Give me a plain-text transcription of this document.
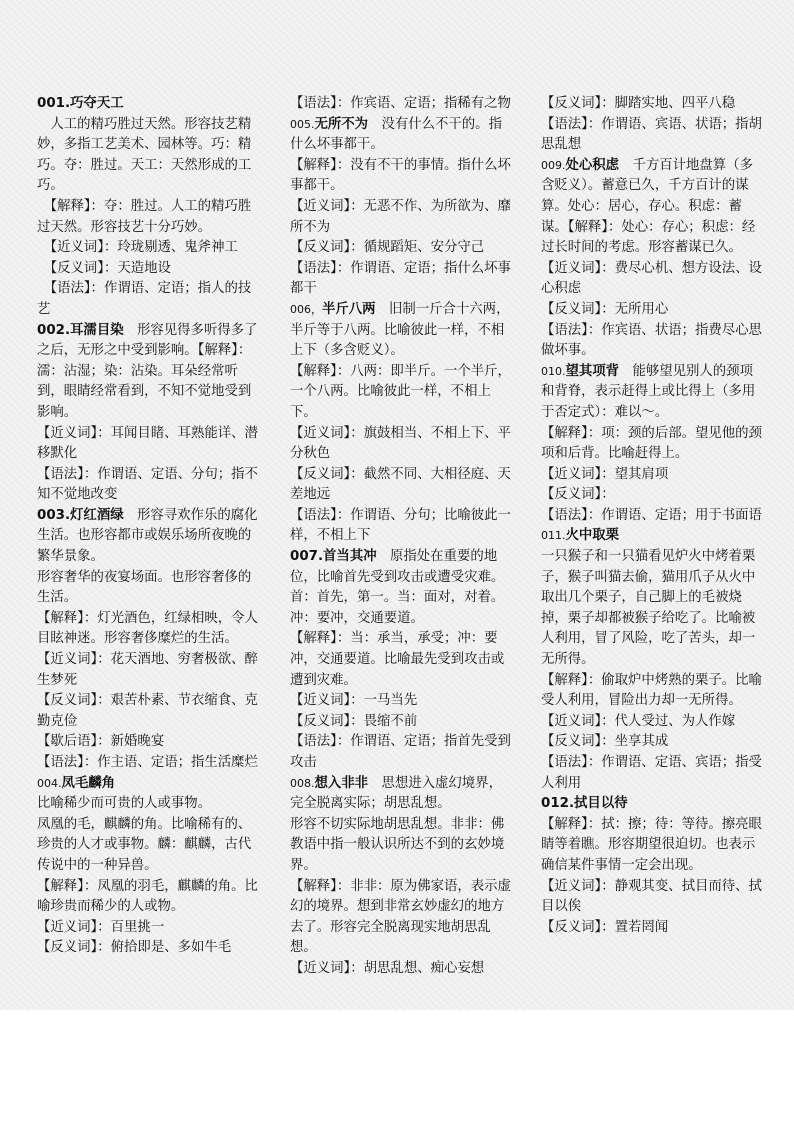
001.巧夺天工
　人工的精巧胜过天然。形容技艺精妙，多指工艺美术、园林等。巧：精巧。夺：胜过。天工：天然形成的工巧。
　【解释】：夺：胜过。人工的精巧胜过天然。形容技艺十分巧妙。
　【近义词】：玲珑剔透、鬼斧神工
　【反义词】：天造地设
　【语法】：作谓语、定语；指人的技艺
002.耳濡目染　形容见得多听得多了之后，无形之中受到影响。【解释】：濡：沾湿；染：沾染。耳朵经常听到，眼睛经常看到，不知不觉地受到影响。
【近义词】：耳闻目睹、耳熟能详、潜移默化
【语法】：作谓语、定语、分句；指不知不觉地改变
003.灯红酒绿　形容寻欢作乐的腐化生活。也形容都市或娱乐场所夜晚的繁华景象。
形容奢华的夜宴场面。也形容奢侈的生活。
【解释】：灯光酒色，红绿相映，令人目眩神迷。形容奢侈糜烂的生活。
【近义词】：花天酒地、穷奢极欲、醉生梦死
【反义词】：艰苦朴素、节衣缩食、克勤克俭
【歇后语】：新婚晚宴
【语法】：作主语、定语；指生活糜烂
004.凤毛麟角
比喻稀少而可贵的人或事物。
凤凰的毛，麒麟的角。比喻稀有的、珍贵的人才或事物。麟：麒麟，古代传说中的一种异兽。
【解释】：凤凰的羽毛，麒麟的角。比喻珍贵而稀少的人或物。
【近义词】：百里挑一
【反义词】：俯拾即是、多如牛毛
【语法】：作宾语、定语；指稀有之物
005.无所不为　没有什么不干的。指什么坏事都干。
【解释】：没有不干的事情。指什么坏事都干。
【近义词】：无恶不作、为所欲为、靡所不为
【反义词】：循规蹈矩、安分守己
【语法】：作谓语、定语；指什么坏事都干
006，半斤八两　旧制一斤合十六两，半斤等于八两。比喻彼此一样，不相上下（多含贬义）。
【解释】：八两：即半斤。一个半斤，一个八两。比喻彼此一样，不相上下。
【近义词】：旗鼓相当、不相上下、平分秋色
【反义词】：截然不同、大相径庭、天差地远
【语法】：作谓语、分句；比喻彼此一样，不相上下
007.首当其冲　原指处在重要的地位，比喻首先受到攻击或遭受灾难。首：首先，第一。当：面对，对着。冲：要冲，交通要道。
【解释】：当：承当，承受；冲：要冲，交通要道。比喻最先受到攻击或遭到灾难。
【近义词】：一马当先
【反义词】：畏缩不前
【语法】：作谓语、定语；指首先受到攻击
008.想入非非　思想进入虚幻境界，完全脱离实际；胡思乱想。
形容不切实际地胡思乱想。非非：佛教语中指一般认识所达不到的玄妙境界。
【解释】：非非：原为佛家语，表示虚幻的境界。想到非常玄妙虚幻的地方去了。形容完全脱离现实地胡思乱想。
【近义词】：胡思乱想、痴心妄想
【反义词】：脚踏实地、四平八稳
【语法】：作谓语、宾语、状语；指胡思乱想
009.处心积虑　千方百计地盘算（多含贬义）。蓄意已久，千方百计的谋算。处心：居心，存心。积虑：蓄谋。【解释】：处心：存心；积虑：经过长时间的考虑。形容蓄谋已久。
【近义词】：费尽心机、想方设法、设心积虑
【反义词】：无所用心
【语法】：作宾语、状语；指费尽心思做坏事。
010.望其项背　能够望见别人的颈项和背脊，表示赶得上或比得上（多用于否定式）：难以～。
【解释】：项：颈的后部。望见他的颈项和后背。比喻赶得上。
【近义词】：望其肩项
【反义词】：
【语法】：作谓语、定语；用于书面语
011.火中取栗
一只猴子和一只猫看见炉火中烤着栗子，猴子叫猫去偷，猫用爪子从火中取出几个栗子，自己脚上的毛被烧掉，栗子却都被猴子给吃了。比喻被人利用，冒了风险，吃了苦头，却一无所得。
【解释】：偷取炉中烤熟的栗子。比喻受人利用，冒险出力却一无所得。
【近义词】：代人受过、为人作嫁
【反义词】：坐享其成
【语法】：作谓语、定语、宾语；指受人利用
012.拭目以待
【解释】：拭：擦；待：等待。擦亮眼睛等着瞧。形容期望很迫切。也表示确信某件事情一定会出现。
【近义词】：静观其变、拭目而待、拭目以俟
【反义词】：置若罔闻
